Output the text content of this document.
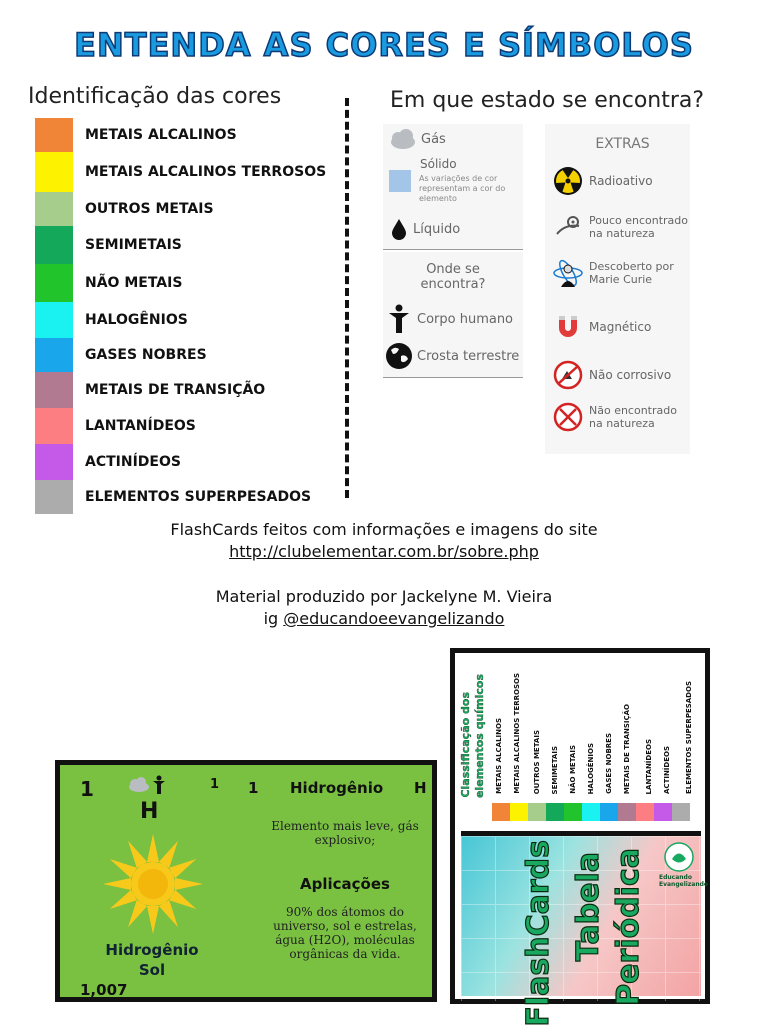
ENTENDA AS CORES E SÍMBOLOS
Identificação das cores	Em que estado se encontra?
METAIS ALCALINOS
METAIS ALCALINOS TERROSOS
OUTROS METAIS
SEMIMETAIS
NÃO METAIS
HALOGÊNIOS
GASES NOBRES
METAIS DE TRANSIÇÃO
LANTANÍDEOS
ACTINÍDEOS
ELEMENTOS SUPERPESADOS
Gás
Sólido
As variações de cor representam a cor do elemento
Líquido
Onde se encontra?
Corpo humano
Crosta terrestre
EXTRAS
Radioativo
Pouco encontrado na natureza
Descoberto por Marie Curie
Magnético
Não corrosivo
Não encontrado na natureza
FlashCards feitos com informações e imagens do site
http://clubelementar.com.br/sobre.php
Material produzido por Jackelyne M. Vieira
ig @educandoeevangelizando
1
H
1
Hidrogênio
Sol
1,007
1 Hidrogênio H
Elemento mais leve, gás explosivo;
Aplicações
90% dos átomos do universo, sol e estrelas, água (H2O), moléculas orgânicas da vida.
Classificação dos elementos químicos METAIS ALCALINOS METAIS ALCALINOS TERROSOS OUTROS METAIS SEMIMETAIS NÃO METAIS HALOGÊNIOS GASES NOBRES METAIS DE TRANSIÇÃO LANTANÍDEOS ACTINÍDEOS ELEMENTOS SUPERPESADOS
FlashCards Tabela Periódica Educando Evangelizando
